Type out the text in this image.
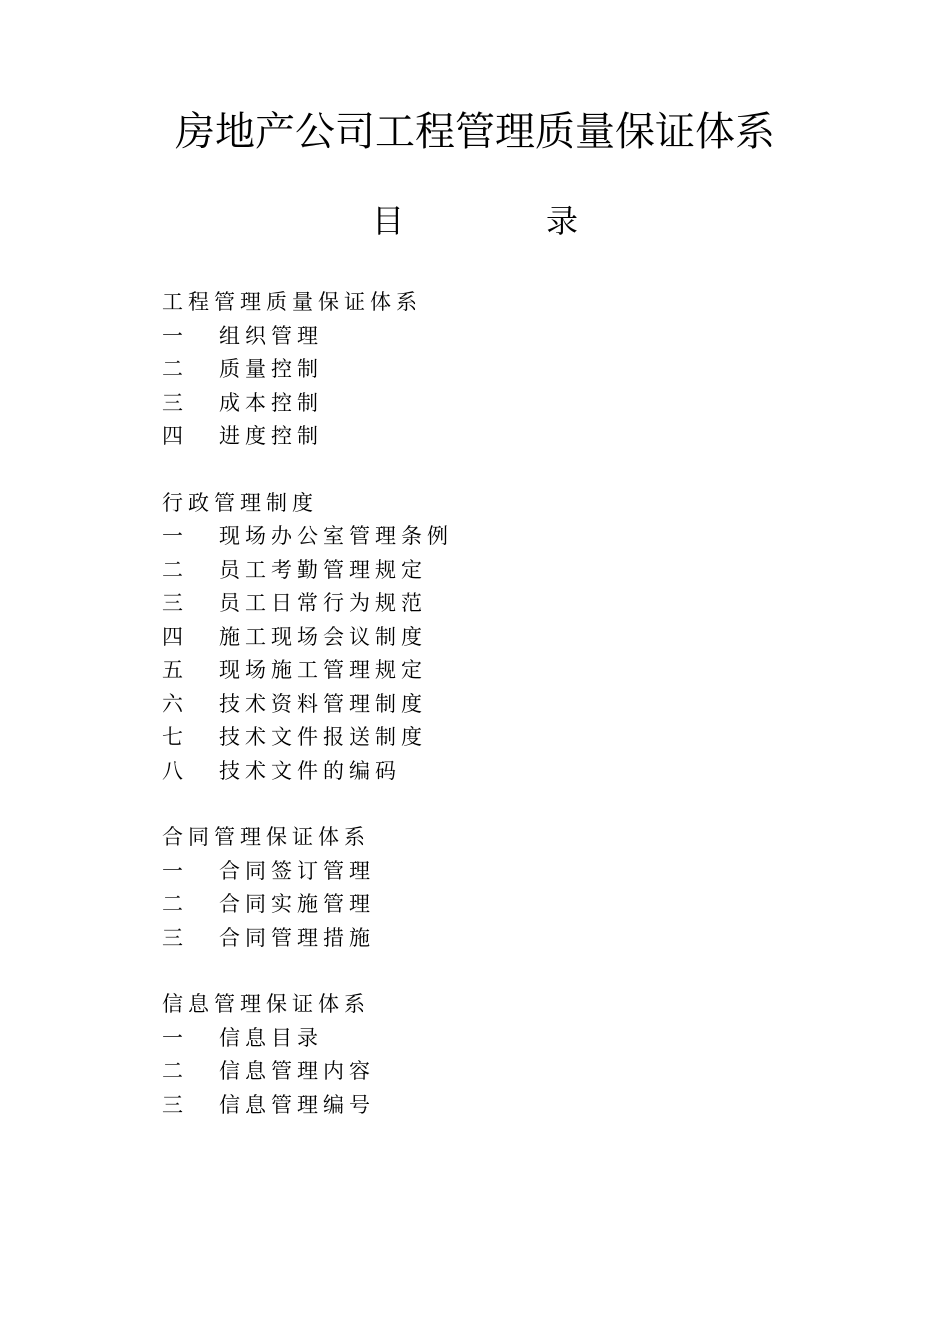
房地产公司工程管理质量保证体系
目	录
工程管理质量保证体系
一 组织管理
二 质量控制
三 成本控制
四 进度控制
行政管理制度
一 现场办公室管理条例
二 员工考勤管理规定
三 员工日常行为规范
四 施工现场会议制度
五 现场施工管理规定
六 技术资料管理制度
七 技术文件报送制度
八 技术文件的编码
合同管理保证体系
一 合同签订管理
二 合同实施管理
三 合同管理措施
信息管理保证体系
一 信息目录
二 信息管理内容
三 信息管理编号
